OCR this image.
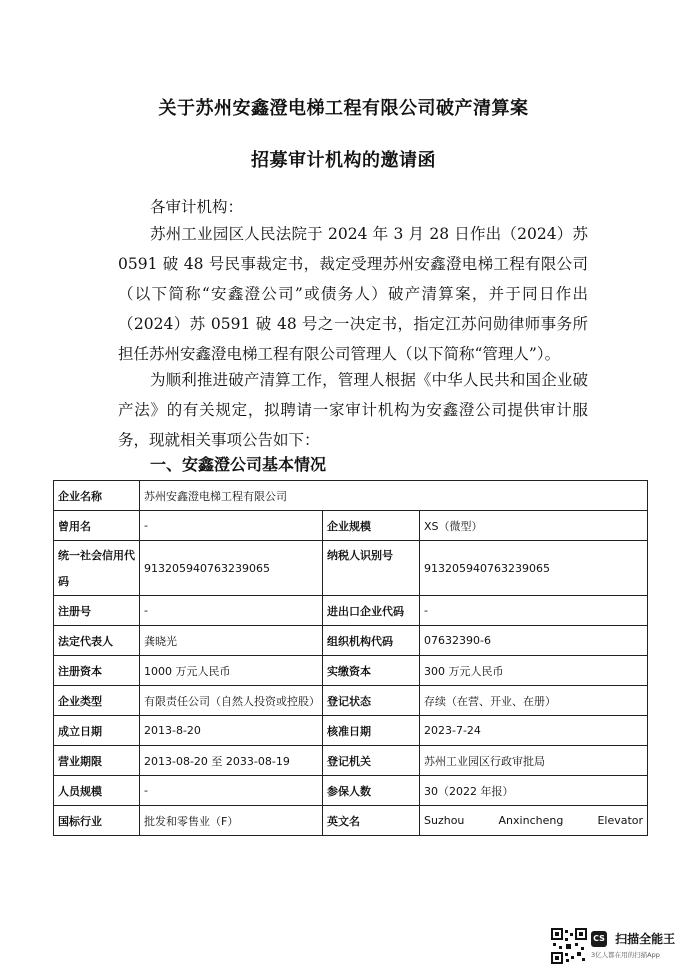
关于苏州安鑫澄电梯工程有限公司破产清算案
招募审计机构的邀请函
各审计机构：

苏州工业园区人民法院于 2024 年 3 月 28 日作出（2024）苏 0591 破 48 号民事裁定书，裁定受理苏州安鑫澄电梯工程有限公司（以下简称“安鑫澄公司”或债务人）破产清算案，并于同日作出（2024）苏 0591 破 48 号之一决定书，指定江苏问勋律师事务所担任苏州安鑫澄电梯工程有限公司管理人（以下简称“管理人”）。

为顺利推进破产清算工作，管理人根据《中华人民共和国企业破产法》的有关规定，拟聘请一家审计机构为安鑫澄公司提供审计服务，现就相关事项公告如下：

一、安鑫澄公司基本情况
企业名称	苏州安鑫澄电梯工程有限公司		
曾用名	-	企业规模	XS（微型）
统一社会信用代码	913205940763239065	纳税人识别号	913205940763239065
注册号	-	进出口企业代码	-
法定代表人	龚晓光	组织机构代码	07632390-6
注册资本	1000 万元人民币	实缴资本	300 万元人民币
企业类型	有限责任公司（自然人投资或控股）	登记状态	存续（在营、开业、在册）
成立日期	2013-8-20	核准日期	2023-7-24
营业期限	2013-08-20 至 2033-08-19	登记机关	苏州工业园区行政审批局
人员规模	-	参保人数	30（2022 年报）
国标行业	批发和零售业（F）	英文名	Suzhou Anxincheng Elevator
CS 扫描全能王
3亿人都在用的扫描App
